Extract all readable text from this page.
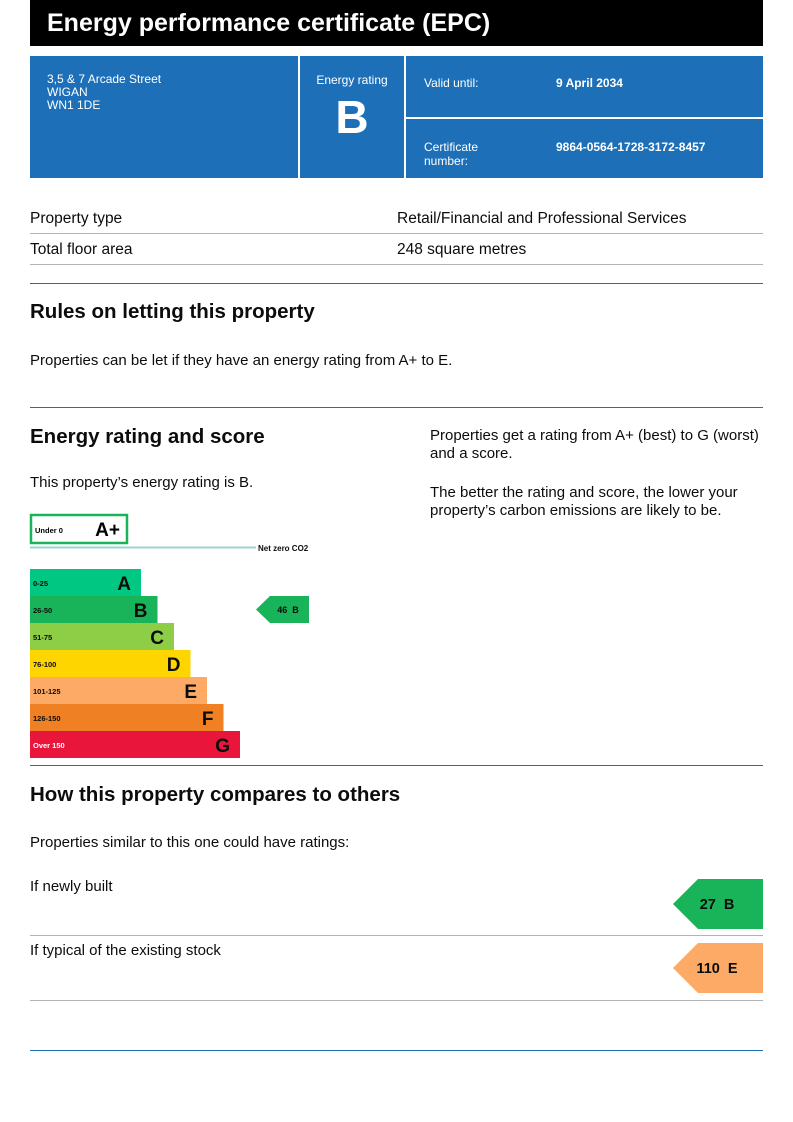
Energy performance certificate (EPC)
3,5 & 7 Arcade Street
WIGAN
WN1 1DE
Energy rating
B
Valid until:	9 April 2034
Certificate number:
9864-0564-1728-3172-8457
Property type	Retail/Financial and Professional Services
Total floor area	248 square metres
Rules on letting this property
Properties can be let if they have an energy rating from A+ to E.
Energy rating and score
This property’s energy rating is B.
Properties get a rating from A+ (best) to G (worst) and a score.
The better the rating and score, the lower your property’s carbon emissions are likely to be.
Under 0 A+
0-25	A
26-50	B
51-75	C
76-100	D
101-125	E
126-150	F
Over 150	G
Net zero CO2
46 B
How this property compares to others
Properties similar to this one could have ratings:
If newly built
27 B
If typical of the existing stock
110 E
